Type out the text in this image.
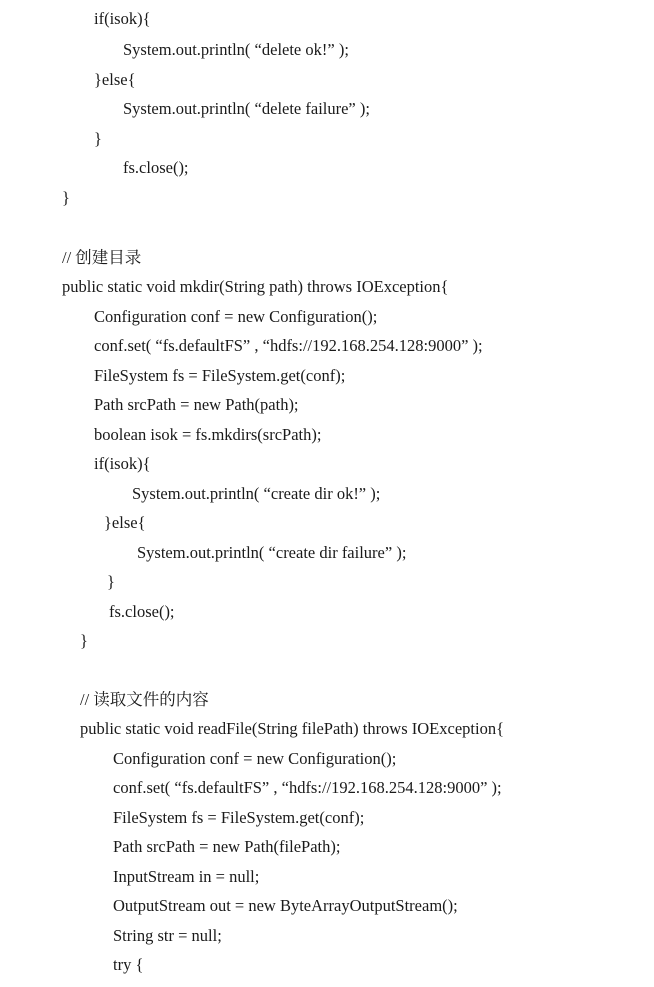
if(isok){
System.out.println( “delete ok!” );
}else{
System.out.println( “delete failure” );
}
fs.close();
}
// 创建目录
public static void mkdir(String path) throws IOException{
Configuration conf = new Configuration();
conf.set( “fs.defaultFS” , “hdfs://192.168.254.128:9000” );
FileSystem fs = FileSystem.get(conf);
Path srcPath = new Path(path);
boolean isok = fs.mkdirs(srcPath);
if(isok){
System.out.println( “create dir ok!” );
}else{
System.out.println( “create dir failure” );
}
fs.close();
}
// 读取文件的内容
public static void readFile(String filePath) throws IOException{
Configuration conf = new Configuration();
conf.set( “fs.defaultFS” , “hdfs://192.168.254.128:9000” );
FileSystem fs = FileSystem.get(conf);
Path srcPath = new Path(filePath);
InputStream in = null;
OutputStream out = new ByteArrayOutputStream();
String str = null;
try {
